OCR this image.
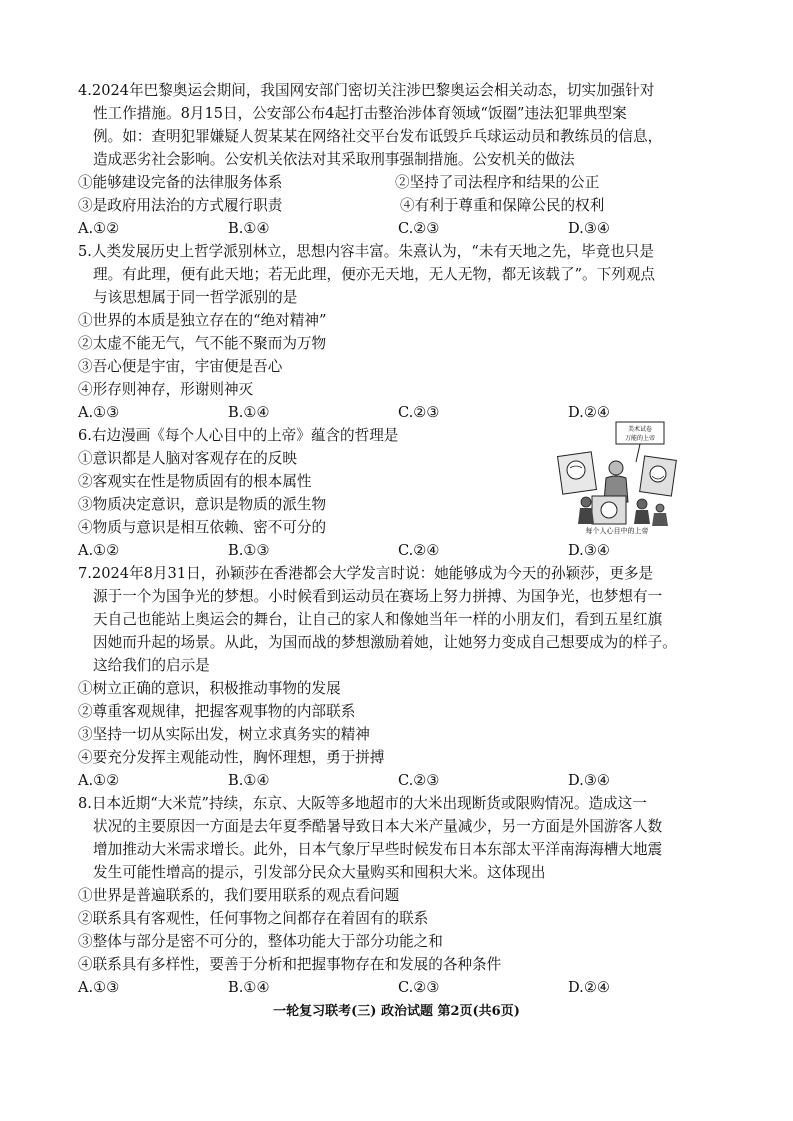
4.2024年巴黎奥运会期间，我国网安部门密切关注涉巴黎奥运会相关动态，切实加强针对
性工作措施。8月15日，公安部公布4起打击整治涉体育领域“饭圈”违法犯罪典型案
例。如：查明犯罪嫌疑人贺某某在网络社交平台发布诋毁乒乓球运动员和教练员的信息，
造成恶劣社会影响。公安机关依法对其采取刑事强制措施。公安机关的做法
①能够建设完备的法律服务体系	②坚持了司法程序和结果的公正
③是政府用法治的方式履行职责	④有利于尊重和保障公民的权利
A.①②	B.①④	C.②③	D.③④
5.人类发展历史上哲学派别林立，思想内容丰富。朱熹认为，“未有天地之先，毕竟也只是
理。有此理，便有此天地；若无此理，便亦无天地，无人无物，都无该载了”。下列观点
与该思想属于同一哲学派别的是
①世界的本质是独立存在的“绝对精神”
②太虚不能无气，气不能不聚而为万物
③吾心便是宇宙，宇宙便是吾心
④形存则神存，形谢则神灭
A.①③	B.①④	C.②③	D.②④
6.右边漫画《每个人心目中的上帝》蕴含的哲理是
①意识都是人脑对客观存在的反映
②客观实在性是物质固有的根本属性
③物质决定意识，意识是物质的派生物
④物质与意识是相互依赖、密不可分的
A.①②	B.①③	C.②④	D.③④
美术试卷
万能的上帝
每个人心目中的上帝
7.2024年8月31日，孙颖莎在香港都会大学发言时说：她能够成为今天的孙颖莎，更多是
源于一个为国争光的梦想。小时候看到运动员在赛场上努力拼搏、为国争光，也梦想有一
天自己也能站上奥运会的舞台，让自己的家人和像她当年一样的小朋友们，看到五星红旗
因她而升起的场景。从此，为国而战的梦想激励着她，让她努力变成自己想要成为的样子。
这给我们的启示是
①树立正确的意识，积极推动事物的发展
②尊重客观规律，把握客观事物的内部联系
③坚持一切从实际出发，树立求真务实的精神
④要充分发挥主观能动性，胸怀理想，勇于拼搏
A.①②	B.①④	C.②③	D.③④
8.日本近期“大米荒”持续，东京、大阪等多地超市的大米出现断货或限购情况。造成这一
状况的主要原因一方面是去年夏季酷暑导致日本大米产量减少，另一方面是外国游客人数
增加推动大米需求增长。此外，日本气象厅早些时候发布日本东部太平洋南海海槽大地震
发生可能性增高的提示，引发部分民众大量购买和囤积大米。这体现出
①世界是普遍联系的，我们要用联系的观点看问题
②联系具有客观性，任何事物之间都存在着固有的联系
③整体与部分是密不可分的，整体功能大于部分功能之和
④联系具有多样性，要善于分析和把握事物存在和发展的各种条件
A.①③	B.①④	C.②③	D.②④
一轮复习联考(三) 政治试题 第2页(共6页)
